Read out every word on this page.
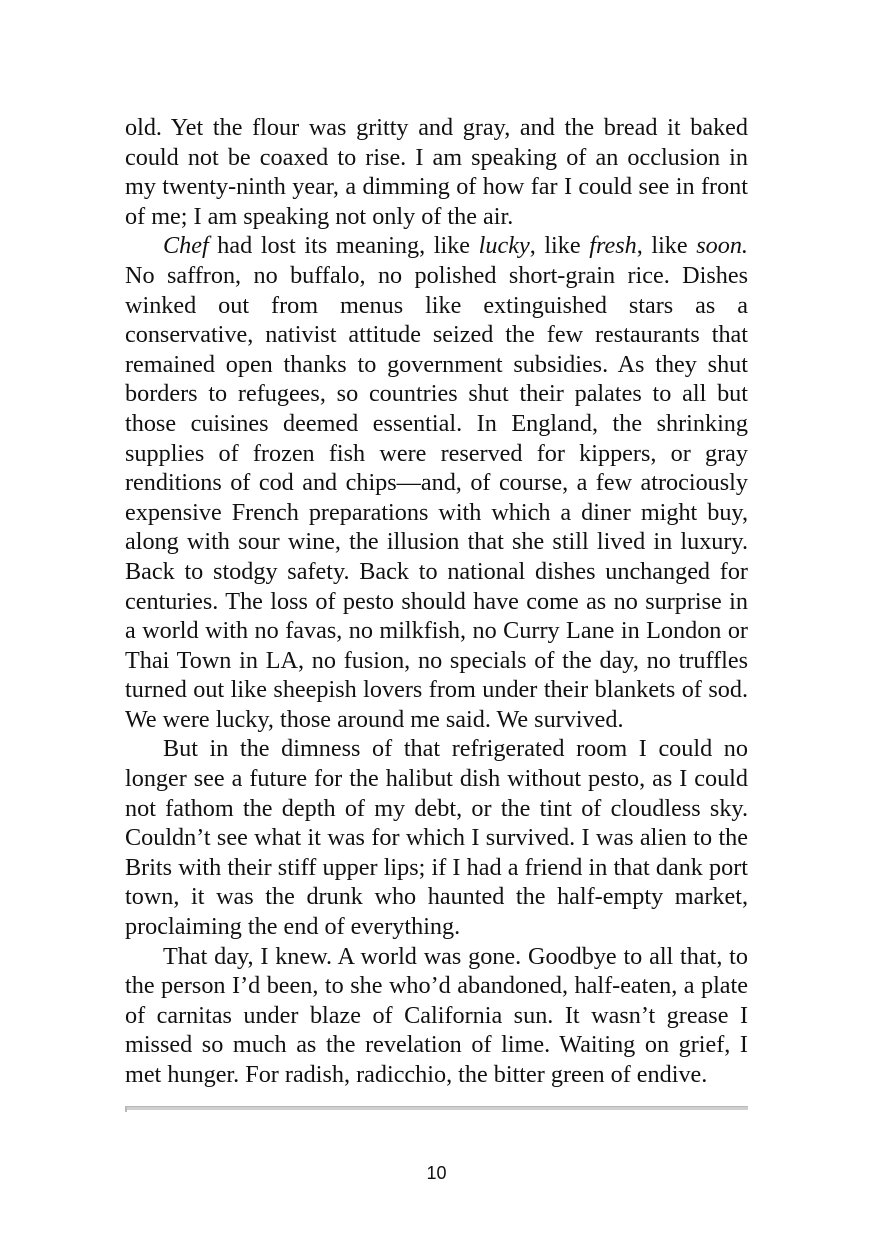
old. Yet the flour was gritty and gray, and the bread it baked could not be coaxed to rise. I am speaking of an occlusion in my twenty-ninth year, a dimming of how far I could see in front of me; I am speaking not only of the air.

Chef had lost its meaning, like lucky, like fresh, like soon. No saffron, no buffalo, no polished short-grain rice. Dishes winked out from menus like extinguished stars as a conservative, nativist attitude seized the few restaurants that remained open thanks to government subsidies. As they shut borders to refugees, so countries shut their palates to all but those cuisines deemed essential. In England, the shrinking supplies of frozen fish were reserved for kippers, or gray renditions of cod and chips—and, of course, a few atrociously expensive French preparations with which a diner might buy, along with sour wine, the illusion that she still lived in luxury. Back to stodgy safety. Back to national dishes unchanged for centuries. The loss of pesto should have come as no surprise in a world with no favas, no milkfish, no Curry Lane in London or Thai Town in LA, no fusion, no specials of the day, no truffles turned out like sheepish lovers from under their blankets of sod. We were lucky, those around me said. We survived.

But in the dimness of that refrigerated room I could no longer see a future for the halibut dish without pesto, as I could not fathom the depth of my debt, or the tint of cloudless sky. Couldn’t see what it was for which I survived. I was alien to the Brits with their stiff upper lips; if I had a friend in that dank port town, it was the drunk who haunted the half-empty market, proclaiming the end of everything.

That day, I knew. A world was gone. Goodbye to all that, to the person I’d been, to she who’d abandoned, half-eaten, a plate of carnitas under blaze of California sun. It wasn’t grease I missed so much as the revelation of lime. Waiting on grief, I met hunger. For radish, radicchio, the bitter green of endive.

10
